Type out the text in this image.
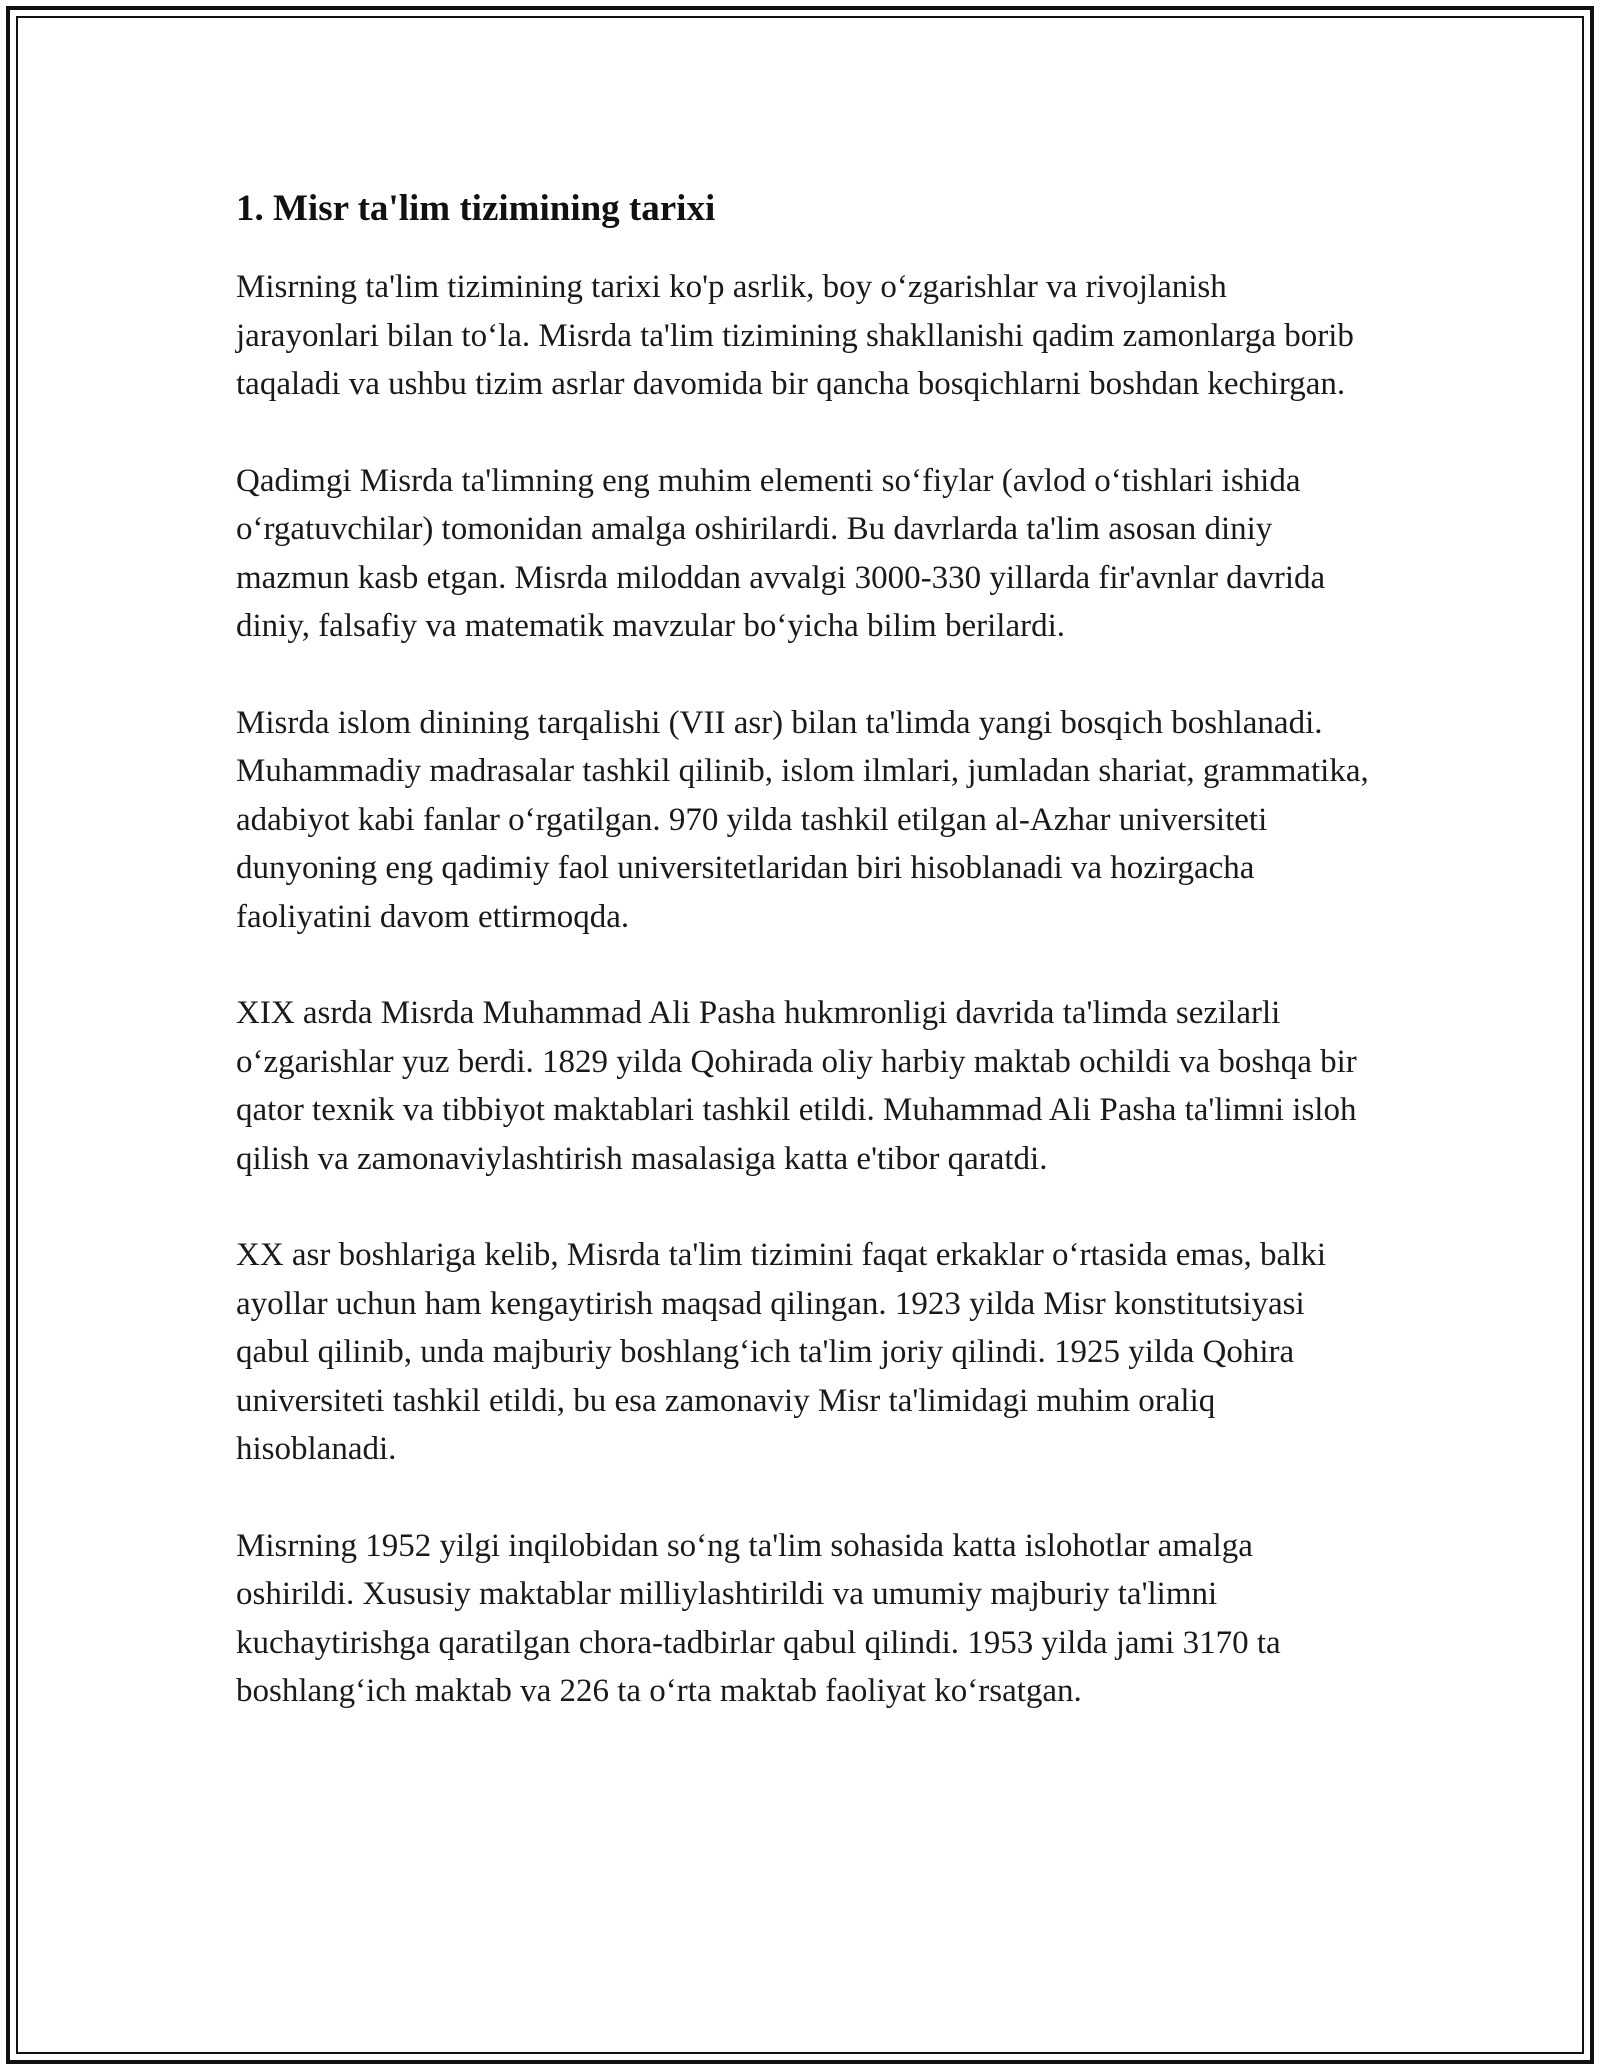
1. Misr ta'lim tizimining tarixi

Misrning ta'lim tizimining tarixi ko'p asrlik, boy o‘zgarishlar va rivojlanish jarayonlari bilan to‘la. Misrda ta'lim tizimining shakllanishi qadim zamonlarga borib taqaladi va ushbu tizim asrlar davomida bir qancha bosqichlarni boshdan kechirgan.

Qadimgi Misrda ta'limning eng muhim elementi so‘fiylar (avlod o‘tishlari ishida o‘rgatuvchilar) tomonidan amalga oshirilardi. Bu davrlarda ta'lim asosan diniy mazmun kasb etgan. Misrda miloddan avvalgi 3000-330 yillarda fir'avnlar davrida diniy, falsafiy va matematik mavzular bo‘yicha bilim berilardi.

Misrda islom dinining tarqalishi (VII asr) bilan ta'limda yangi bosqich boshlanadi. Muhammadiy madrasalar tashkil qilinib, islom ilmlari, jumladan shariat, grammatika, adabiyot kabi fanlar o‘rgatilgan. 970 yilda tashkil etilgan al-Azhar universiteti dunyoning eng qadimiy faol universitetlaridan biri hisoblanadi va hozirgacha faoliyatini davom ettirmoqda.

XIX asrda Misrda Muhammad Ali Pasha hukmronligi davrida ta'limda sezilarli o‘zgarishlar yuz berdi. 1829 yilda Qohirada oliy harbiy maktab ochildi va boshqa bir qator texnik va tibbiyot maktablari tashkil etildi. Muhammad Ali Pasha ta'limni isloh qilish va zamonaviylashtirish masalasiga katta e'tibor qaratdi.

XX asr boshlariga kelib, Misrda ta'lim tizimini faqat erkaklar o‘rtasida emas, balki ayollar uchun ham kengaytirish maqsad qilingan. 1923 yilda Misr konstitutsiyasi qabul qilinib, unda majburiy boshlang‘ich ta'lim joriy qilindi. 1925 yilda Qohira universiteti tashkil etildi, bu esa zamonaviy Misr ta'limidagi muhim oraliq hisoblanadi.

Misrning 1952 yilgi inqilobidan so‘ng ta'lim sohasida katta islohotlar amalga oshirildi. Xususiy maktablar milliylashtirildi va umumiy majburiy ta'limni kuchaytirishga qaratilgan chora-tadbirlar qabul qilindi. 1953 yilda jami 3170 ta boshlang‘ich maktab va 226 ta o‘rta maktab faoliyat ko‘rsatgan.
